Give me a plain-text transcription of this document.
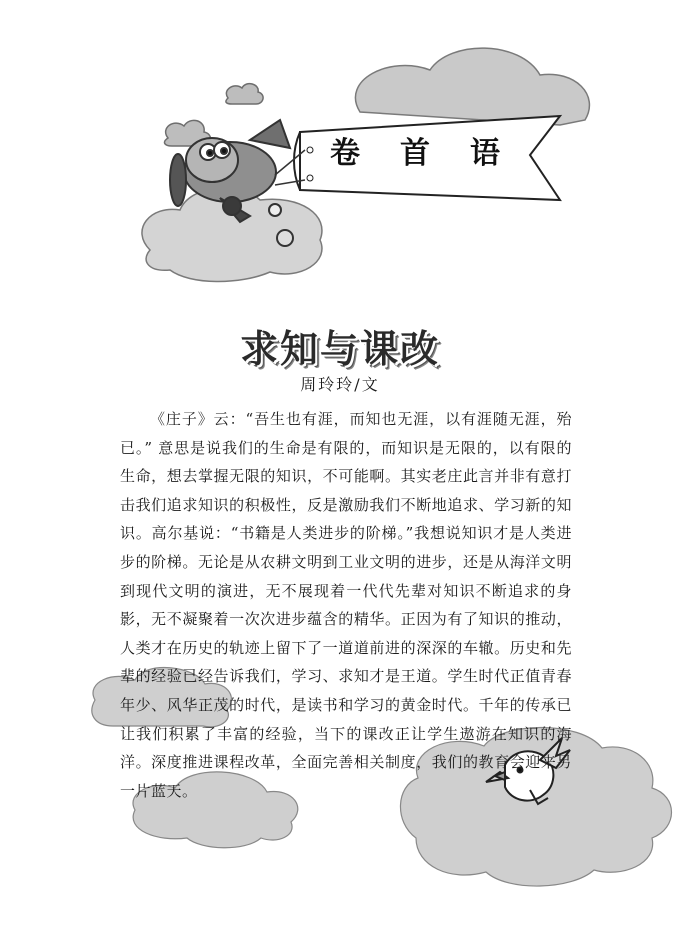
卷 首 语
求知与课改
周玲玲/文
《庄子》云：“吾生也有涯，而知也无涯，以有涯随无涯，殆已。” 意思是说我们的生命是有限的，而知识是无限的，以有限的生命，想去掌握无限的知识，不可能啊。其实老庄此言并非有意打击我们追求知识的积极性，反是激励我们不断地追求、学习新的知识。高尔基说：“书籍是人类进步的阶梯。”我想说知识才是人类进步的阶梯。无论是从农耕文明到工业文明的进步，还是从海洋文明到现代文明的演进，无不展现着一代代先辈对知识不断追求的身影，无不凝聚着一次次进步蕴含的精华。正因为有了知识的推动，人类才在历史的轨迹上留下了一道道前进的深深的车辙。历史和先辈的经验已经告诉我们，学习、求知才是王道。学生时代正值青春年少、风华正茂的时代，是读书和学习的黄金时代。千年的传承已让我们积累了丰富的经验，当下的课改正让学生遨游在知识的海洋。深度推进课程改革，全面完善相关制度，我们的教育会迎来另一片蓝天。
